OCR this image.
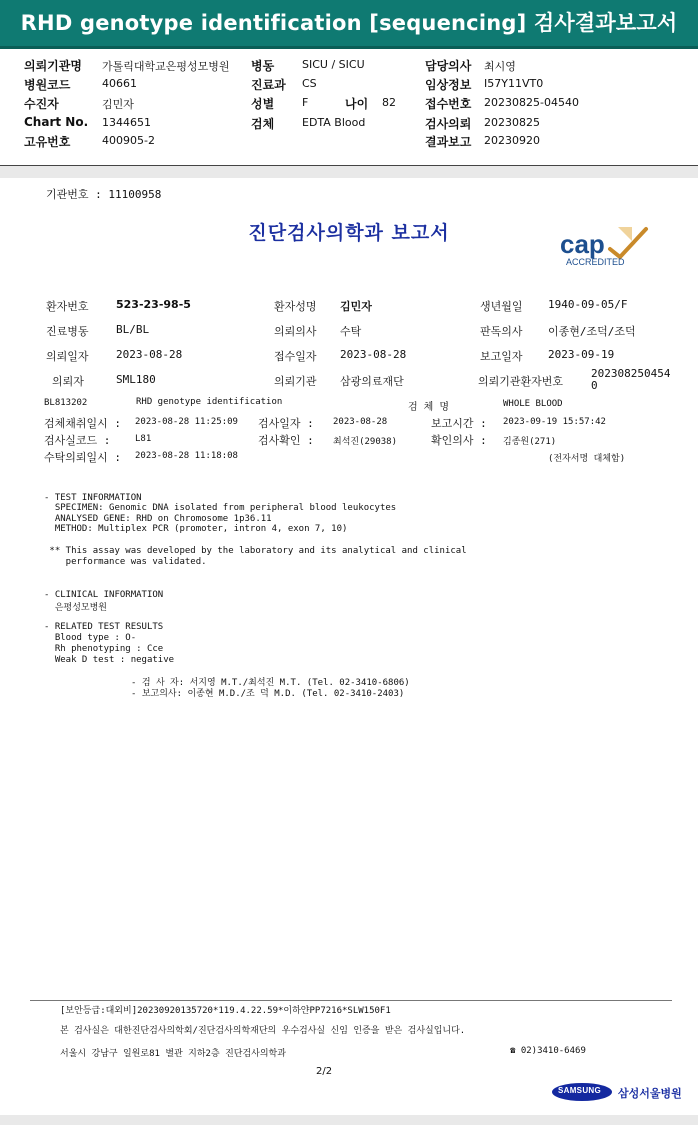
RHD genotype identification [sequencing] 검사결과보고서
의뢰기관명 가톨릭대학교은평성모병원
병원코드	40661
수진자	김민자
Chart No. 1344651
고유번호	400905-2
병동	SICU / SICU
진료과 CS
성별	F	나이 82
검체	EDTA Blood
담당의사 최시영
임상정보 I57Y11VT0
접수번호 20230825-04540
검사의뢰 20230825
결과보고 20230920
기관번호 : 11100958
진단검사의학과 보고서	cap
ACCREDITED
환자번호 523-23-98-5	환자성명 김민자	생년월일 1940-09-05/F
진료병동 BL/BL	의뢰의사 수탁	판독의사 이종현/조덕/조덕
의뢰일자 2023-08-28	접수일자 2023-08-28	보고일자 2023-09-19
의뢰자	SML180	의뢰기관 삼광의료재단	의뢰기관환자번호
202308250454
0
BL813202	RHD genotype identification	검 체 명	WHOLE BLOOD
검체채취일시 : 2023-08-28 11:25:09 검사일자 : 2023-08-28	보고시간 : 2023-09-19 15:57:42
검사실코드 :	L81	검사확인 : 최석진(29038)	확인의사 : 김종원(271)
수탁의뢰일시 : 2023-08-28 11:18:08	(전자서명 대체함)
- TEST INFORMATION
SPECIMEN: Genomic DNA isolated from peripheral blood leukocytes
ANALYSED GENE: RHD on Chromosome 1p36.11
METHOD: Multiplex PCR (promoter, intron 4, exon 7, 10)
** This assay was developed by the laboratory and its analytical and clinical
performance was validated.
- CLINICAL INFORMATION
은평성모병원
- RELATED TEST RESULTS
Blood type : O-
Rh phenotyping : Cce
Weak D test : negative
- 검 사 자: 서지영 M.T./최석진 M.T. (Tel. 02-3410-6806)
- 보고의사: 이종현 M.D./조 덕 M.D. (Tel. 02-3410-2403)
[보안등급:대외비]20230920135720*119.4.22.59*이하얀PP7216*SLW150F1
본 검사실은 대한진단검사의학회/진단검사의학재단의 우수검사실 신임 인증을 받은 검사실입니다.
서울시 강남구 일원로81 별관 지하2층 진단검사의학과	☎ 02)3410-6469
2/2
SAMSUNG 삼성서울병원
